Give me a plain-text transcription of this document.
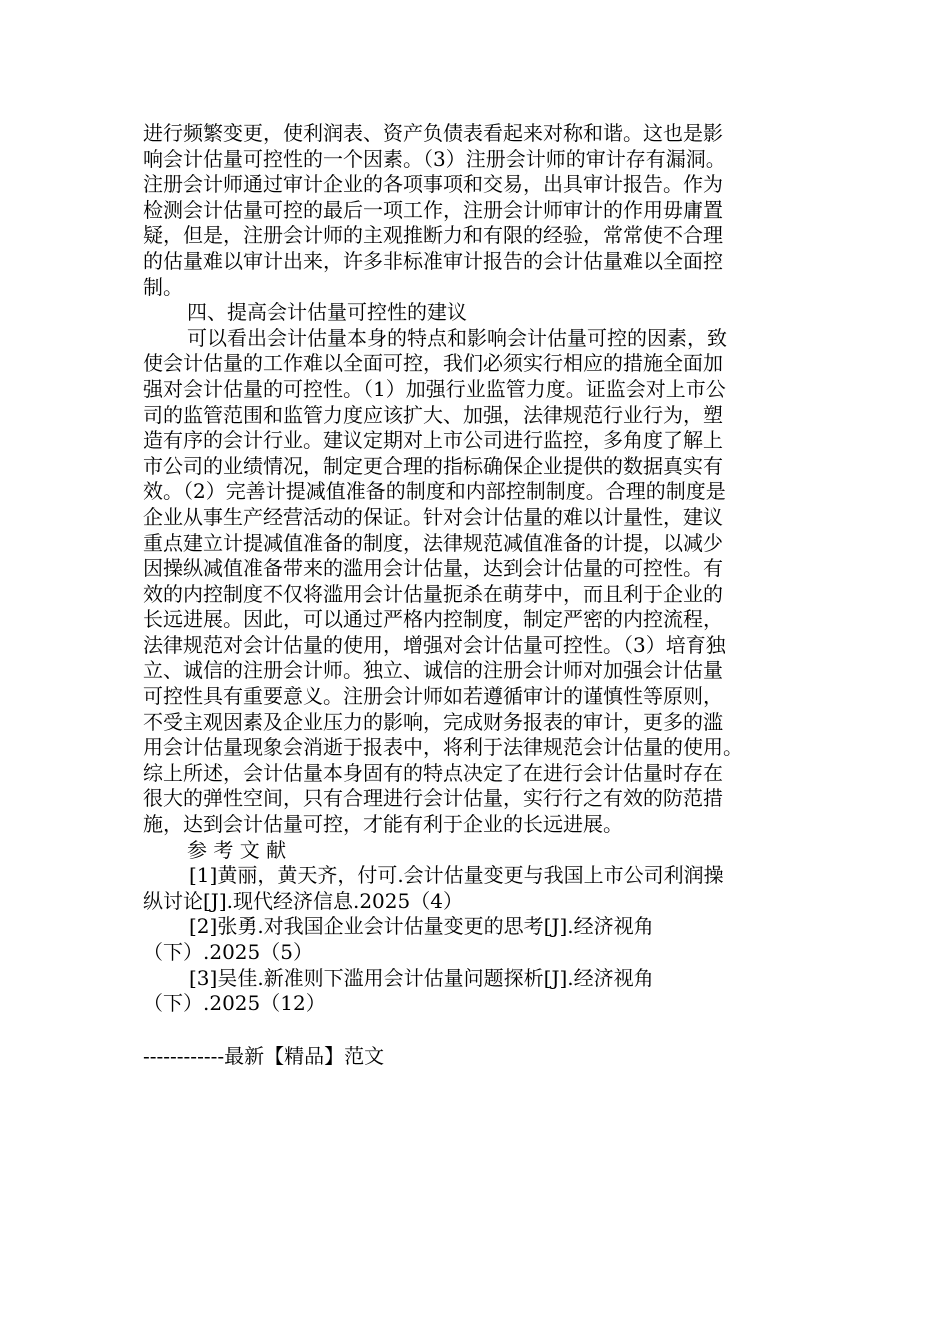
进行频繁变更，使利润表、资产负债表看起来对称和谐。这也是影
响会计估量可控性的一个因素。（3）注册会计师的审计存有漏洞。
注册会计师通过审计企业的各项事项和交易，出具审计报告。作为
检测会计估量可控的最后一项工作，注册会计师审计的作用毋庸置
疑，但是，注册会计师的主观推断力和有限的经验，常常使不合理
的估量难以审计出来，许多非标准审计报告的会计估量难以全面控
制。
四、提高会计估量可控性的建议
可以看出会计估量本身的特点和影响会计估量可控的因素，致
使会计估量的工作难以全面可控，我们必须实行相应的措施全面加
强对会计估量的可控性。（1）加强行业监管力度。证监会对上市公
司的监管范围和监管力度应该扩大、加强，法律规范行业行为，塑
造有序的会计行业。建议定期对上市公司进行监控，多角度了解上
市公司的业绩情况，制定更合理的指标确保企业提供的数据真实有
效。（2）完善计提减值准备的制度和内部控制制度。合理的制度是
企业从事生产经营活动的保证。针对会计估量的难以计量性，建议
重点建立计提减值准备的制度，法律规范减值准备的计提，以减少
因操纵减值准备带来的滥用会计估量，达到会计估量的可控性。有
效的内控制度不仅将滥用会计估量扼杀在萌芽中，而且利于企业的
长远进展。因此，可以通过严格内控制度，制定严密的内控流程，
法律规范对会计估量的使用，增强对会计估量可控性。（3）培育独
立、诚信的注册会计师。独立、诚信的注册会计师对加强会计估量
可控性具有重要意义。注册会计师如若遵循审计的谨慎性等原则，
不受主观因素及企业压力的影响，完成财务报表的审计，更多的滥
用会计估量现象会消逝于报表中，将利于法律规范会计估量的使用。
综上所述，会计估量本身固有的特点决定了在进行会计估量时存在
很大的弹性空间，只有合理进行会计估量，实行行之有效的防范措
施，达到会计估量可控，才能有利于企业的长远进展。
参 考 文 献
[1]黄丽，黄天齐，付可.会计估量变更与我国上市公司利润操
纵讨论[J].现代经济信息.2025（4）
[2]张勇.对我国企业会计估量变更的思考[J].经济视角
（下）.2025（5）
[3]吴佳.新准则下滥用会计估量问题探析[J].经济视角
（下）.2025（12）
------------最新【精品】范文
